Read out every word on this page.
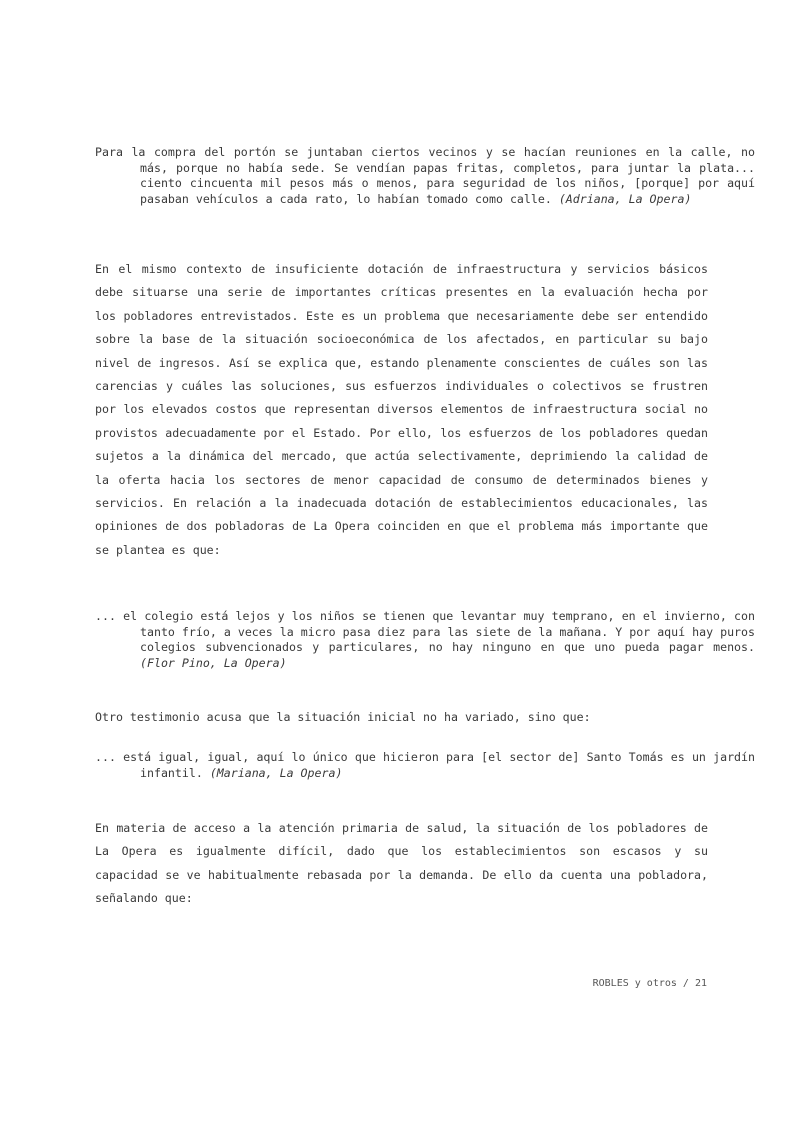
Para la compra del portón se juntaban ciertos vecinos y se hacían reuniones en la calle, no más, porque no había sede. Se vendían papas fritas, completos, para juntar la plata... ciento cincuenta mil pesos más o menos, para seguridad de los niños, [porque] por aquí pasaban vehículos a cada rato, lo habían tomado como calle. (Adriana, La Opera)

En el mismo contexto de insuficiente dotación de infraestructura y servicios básicos debe situarse una serie de importantes críticas presentes en la evaluación hecha por los pobladores entrevistados. Este es un problema que necesariamente debe ser entendido sobre la base de la situación socioeconómica de los afectados, en particular su bajo nivel de ingresos. Así se explica que, estando plenamente conscientes de cuáles son las carencias y cuáles las soluciones, sus esfuerzos individuales o colectivos se frustren por los elevados costos que representan diversos elementos de infraestructura social no provistos adecuadamente por el Estado. Por ello, los esfuerzos de los pobladores quedan sujetos a la dinámica del mercado, que actúa selectivamente, deprimiendo la calidad de la oferta hacia los sectores de menor capacidad de consumo de determinados bienes y servicios. En relación a la inadecuada dotación de establecimientos educacionales, las opiniones de dos pobladoras de La Opera coinciden en que el problema más importante que se plantea es que:

... el colegio está lejos y los niños se tienen que levantar muy temprano, en el invierno, con tanto frío, a veces la micro pasa diez para las siete de la mañana. Y por aquí hay puros colegios subvencionados y particulares, no hay ninguno en que uno pueda pagar menos. (Flor Pino, La Opera)

Otro testimonio acusa que la situación inicial no ha variado, sino que:

... está igual, igual, aquí lo único que hicieron para [el sector de] Santo Tomás es un jardín infantil. (Mariana, La Opera)

En materia de acceso a la atención primaria de salud, la situación de los pobladores de La Opera es igualmente difícil, dado que los establecimientos son escasos y su capacidad se ve habitualmente rebasada por la demanda. De ello da cuenta una pobladora, señalando que:

ROBLES y otros / 21
